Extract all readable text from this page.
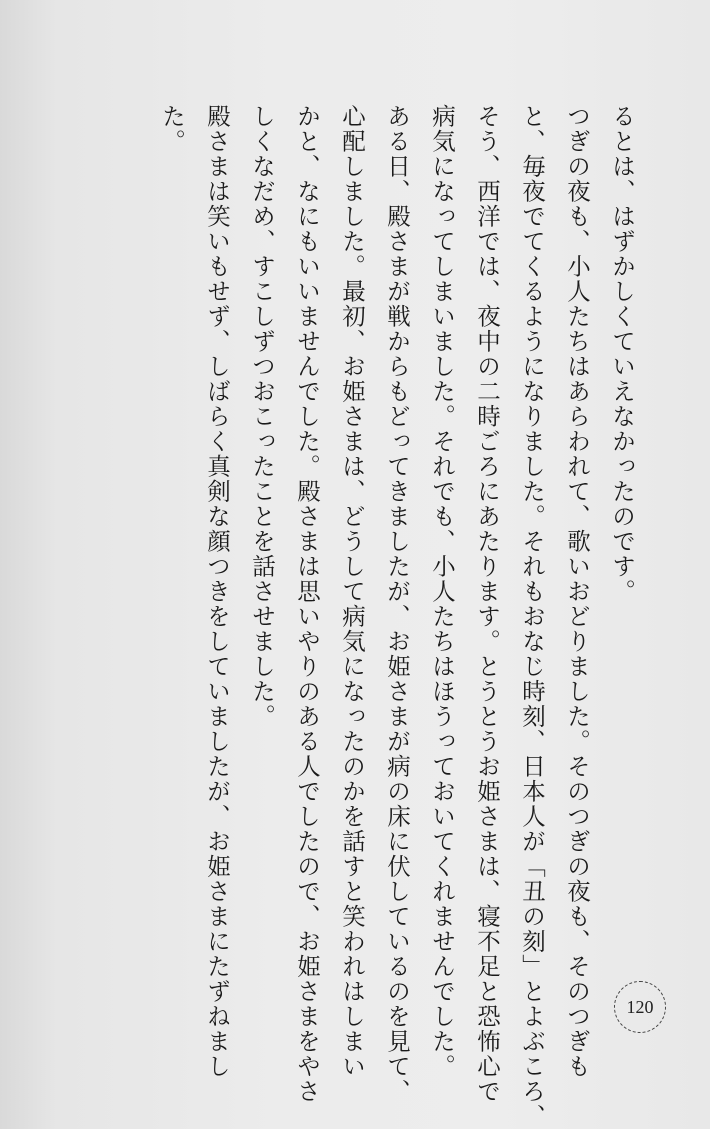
るとは、はずかしくていえなかったのです。
つぎの夜も、小人たちはあらわれて、歌いおどりました。そのつぎの夜も、そのつぎも
と、毎夜でてくるようになりました。それもおなじ時刻、日本人が「丑の刻」とよぶころ、
そう、西洋では、夜中の二時ごろにあたります。とうとうお姫さまは、寝不足と恐怖心で
病気になってしまいました。それでも、小人たちはほうっておいてくれませんでした。
ある日、殿さまが戦からもどってきましたが、お姫さまが病の床に伏しているのを見て、
心配しました。最初、お姫さまは、どうして病気になったのかを話すと笑われはしまい
かと、なにもいいませんでした。殿さまは思いやりのある人でしたので、お姫さまをやさ
しくなだめ、すこしずつおこったことを話させました。
殿さまは笑いもせず、しばらく真剣な顔つきをしていましたが、お姫さまにたずねまし
た。
120
